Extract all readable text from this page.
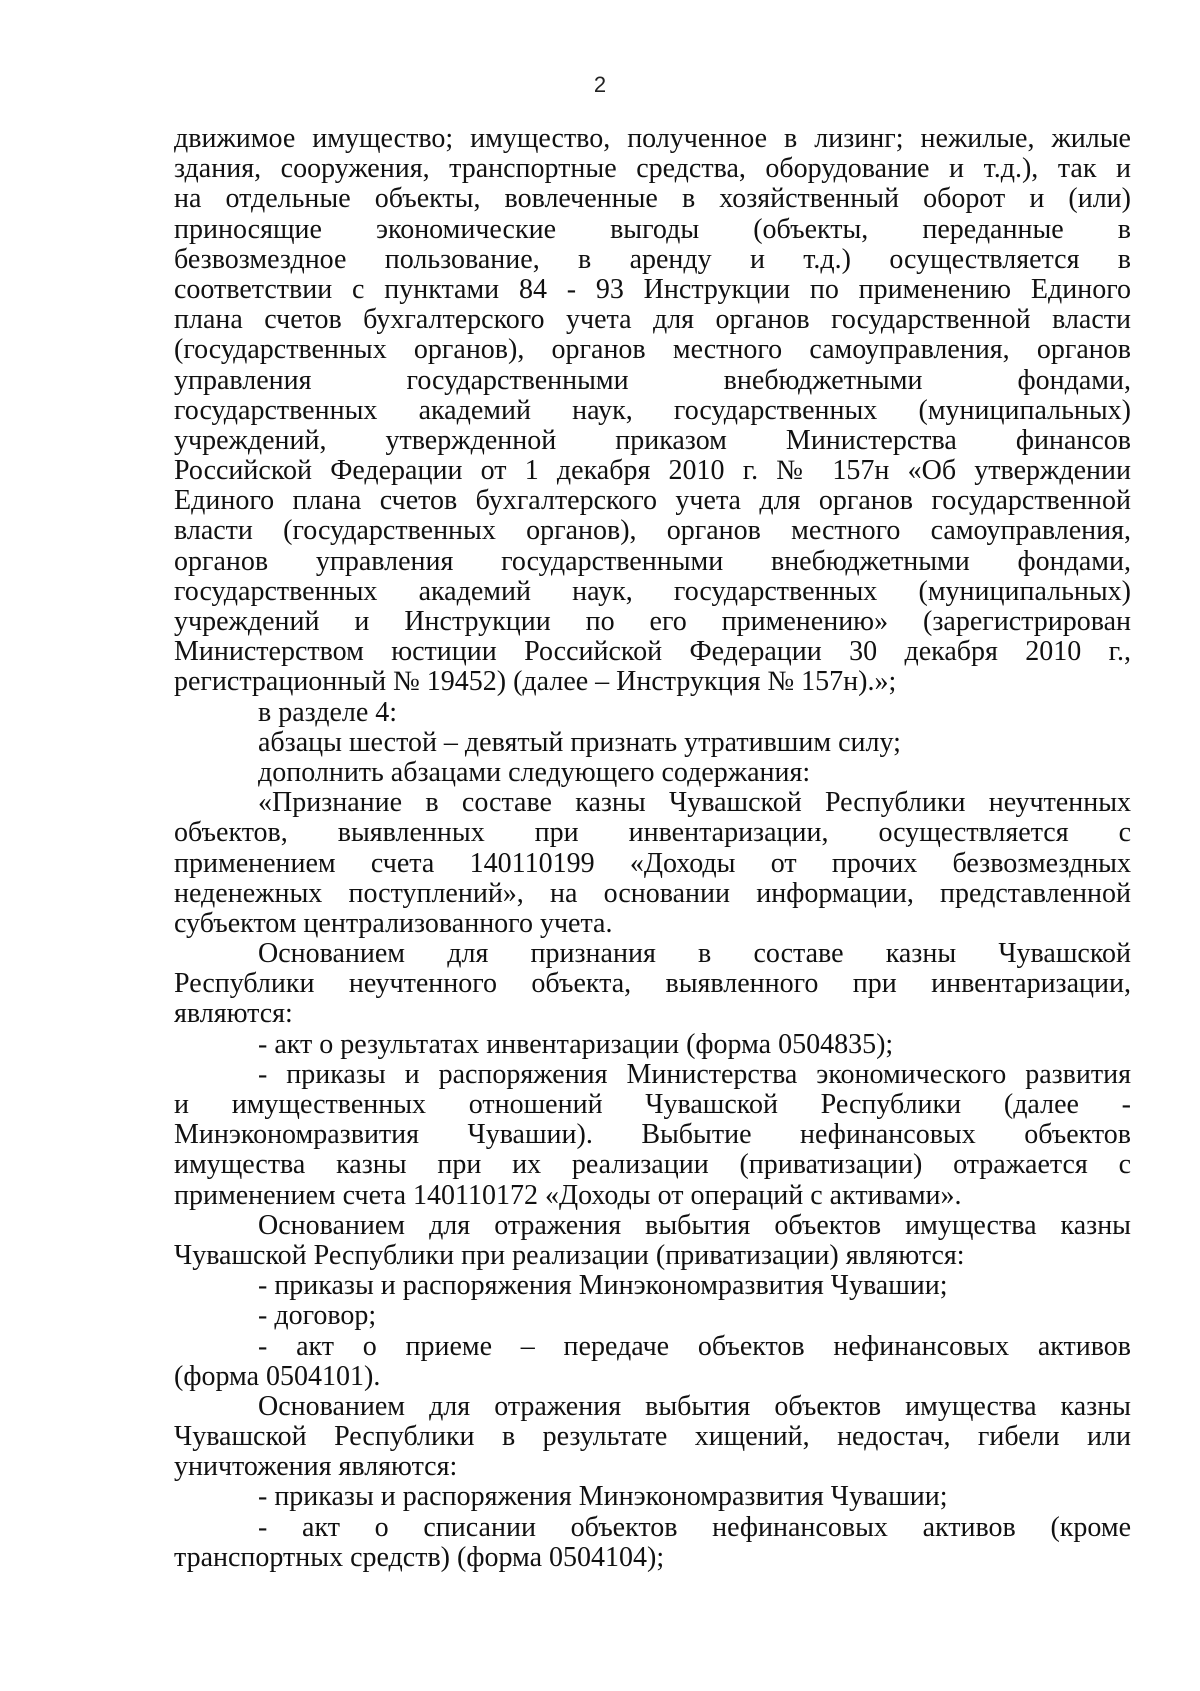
2
движимое имущество; имущество, полученное в лизинг; нежилые, жилые
здания, сооружения, транспортные средства, оборудование и т.д.), так и
на отдельные объекты, вовлеченные в хозяйственный оборот и (или)
приносящие экономические выгоды (объекты, переданные в
безвозмездное пользование, в аренду и т.д.) осуществляется в
соответствии с пунктами 84 - 93 Инструкции по применению Единого
плана счетов бухгалтерского учета для органов государственной власти
(государственных органов), органов местного самоуправления, органов
управления государственными внебюджетными фондами,
государственных академий наук, государственных (муниципальных)
учреждений, утвержденной приказом Министерства финансов
Российской Федерации от 1 декабря 2010 г. № 157н «Об утверждении
Единого плана счетов бухгалтерского учета для органов государственной
власти (государственных органов), органов местного самоуправления,
органов управления государственными внебюджетными фондами,
государственных академий наук, государственных (муниципальных)
учреждений и Инструкции по его применению» (зарегистрирован
Министерством юстиции Российской Федерации 30 декабря 2010 г.,
регистрационный № 19452) (далее – Инструкция № 157н).»;
в разделе 4:
абзацы шестой – девятый признать утратившим силу;
дополнить абзацами следующего содержания:
«Признание в составе казны Чувашской Республики неучтенных
объектов, выявленных при инвентаризации, осуществляется с
применением счета 140110199 «Доходы от прочих безвозмездных
неденежных поступлений», на основании информации, представленной
субъектом централизованного учета.
Основанием для признания в составе казны Чувашской
Республики неучтенного объекта, выявленного при инвентаризации,
являются:
- акт о результатах инвентаризации (форма 0504835);
- приказы и распоряжения Министерства экономического развития
и имущественных отношений Чувашской Республики (далее -
Минэкономразвития Чувашии). Выбытие нефинансовых объектов
имущества казны при их реализации (приватизации) отражается с
применением счета 140110172 «Доходы от операций с активами».
Основанием для отражения выбытия объектов имущества казны
Чувашской Республики при реализации (приватизации) являются:
- приказы и распоряжения Минэкономразвития Чувашии;
- договор;
- акт о приеме – передаче объектов нефинансовых активов
(форма 0504101).
Основанием для отражения выбытия объектов имущества казны
Чувашской Республики в результате хищений, недостач, гибели или
уничтожения являются:
- приказы и распоряжения Минэкономразвития Чувашии;
- акт о списании объектов нефинансовых активов (кроме
транспортных средств) (форма 0504104);
